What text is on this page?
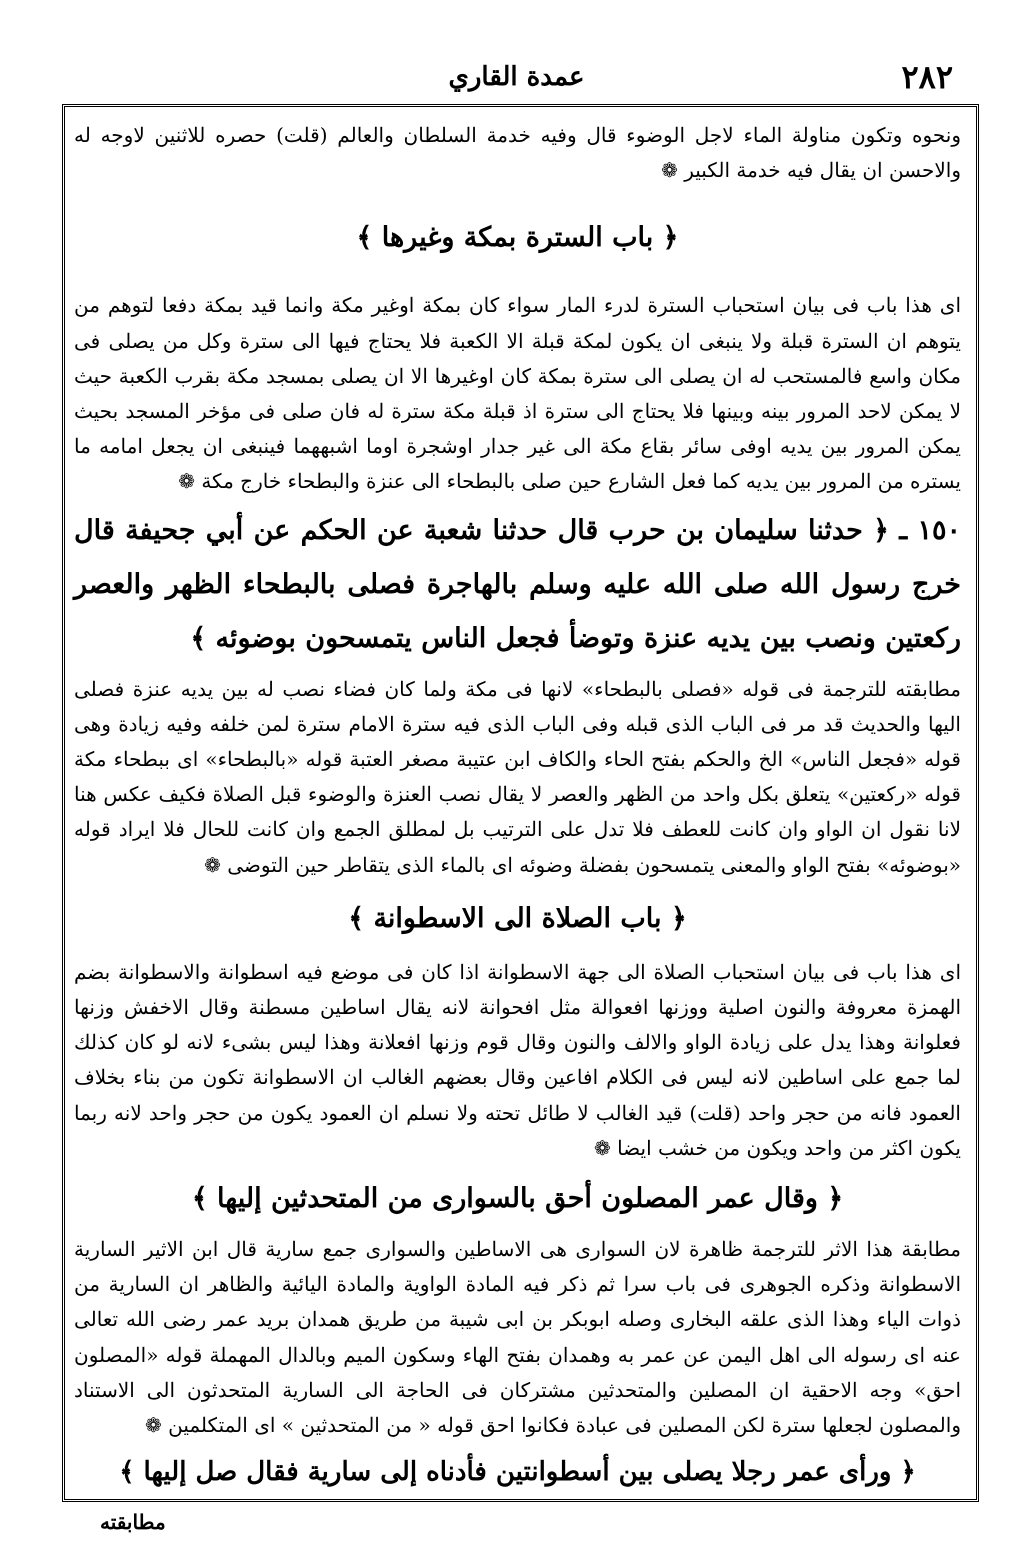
٢٨٢
عمدة القاري

ونحوه وتكون مناولة الماء لاجل الوضوء قال وفيه خدمة السلطان والعالم (قلت) حصره للاثنين لاوجه له والاحسن ان يقال فيه خدمة الكبير ❁

﴿ باب السترة بمكة وغيرها ﴾

اى هذا باب فى بيان استحباب السترة لدرء المار سواء كان بمكة اوغير مكة وانما قيد بمكة دفعا لتوهم من يتوهم ان السترة قبلة ولا ينبغى ان يكون لمكة قبلة الا الكعبة فلا يحتاج فيها الى سترة وكل من يصلى فى مكان واسع فالمستحب له ان يصلى الى سترة بمكة كان اوغيرها الا ان يصلى بمسجد مكة بقرب الكعبة حيث لا يمكن لاحد المرور بينه وبينها فلا يحتاج الى سترة اذ قبلة مكة سترة له فان صلى فى مؤخر المسجد بحيث يمكن المرور بين يديه اوفى سائر بقاع مكة الى غير جدار اوشجرة اوما اشبههما فينبغى ان يجعل امامه ما يستره من المرور بين يديه كما فعل الشارع حين صلى بالبطحاء الى عنزة والبطحاء خارج مكة ❁

١٥٠ ـ ﴿ حدثنا سليمان بن حرب قال حدثنا شعبة عن الحكم عن أبي جحيفة قال خرج رسول الله صلى الله عليه وسلم بالهاجرة فصلى بالبطحاء الظهر والعصر ركعتين ونصب بين يديه عنزة وتوضأ فجعل الناس يتمسحون بوضوئه ﴾

مطابقته للترجمة فى قوله «فصلى بالبطحاء» لانها فى مكة ولما كان فضاء نصب له بين يديه عنزة فصلى اليها والحديث قد مر فى الباب الذى قبله وفى الباب الذى فيه سترة الامام سترة لمن خلفه وفيه زيادة وهى قوله «فجعل الناس» الخ والحكم بفتح الحاء والكاف ابن عتيبة مصغر العتبة قوله «بالبطحاء» اى ببطحاء مكة قوله «ركعتين» يتعلق بكل واحد من الظهر والعصر لا يقال نصب العنزة والوضوء قبل الصلاة فكيف عكس هنا لانا نقول ان الواو وان كانت للعطف فلا تدل على الترتيب بل لمطلق الجمع وان كانت للحال فلا ايراد قوله «بوضوئه» بفتح الواو والمعنى يتمسحون بفضلة وضوئه اى بالماء الذى يتقاطر حين التوضى ❁

﴿ باب الصلاة الى الاسطوانة ﴾

اى هذا باب فى بيان استحباب الصلاة الى جهة الاسطوانة اذا كان فى موضع فيه اسطوانة والاسطوانة بضم الهمزة معروفة والنون اصلية ووزنها افعوالة مثل افحوانة لانه يقال اساطين مسطنة وقال الاخفش وزنها فعلوانة وهذا يدل على زيادة الواو والالف والنون وقال قوم وزنها افعلانة وهذا ليس بشىء لانه لو كان كذلك لما جمع على اساطين لانه ليس فى الكلام افاعين وقال بعضهم الغالب ان الاسطوانة تكون من بناء بخلاف العمود فانه من حجر واحد (قلت) قيد الغالب لا طائل تحته ولا نسلم ان العمود يكون من حجر واحد لانه ربما يكون اكثر من واحد ويكون من خشب ايضا ❁

﴿ وقال عمر المصلون أحق بالسوارى من المتحدثين إليها ﴾

مطابقة هذا الاثر للترجمة ظاهرة لان السوارى هى الاساطين والسوارى جمع سارية قال ابن الاثير السارية الاسطوانة وذكره الجوهرى فى باب سرا ثم ذكر فيه المادة الواوية والمادة اليائية والظاهر ان السارية من ذوات الياء وهذا الذى علقه البخارى وصله ابوبكر بن ابى شيبة من طريق همدان بريد عمر رضى الله تعالى عنه اى رسوله الى اهل اليمن عن عمر به وهمدان بفتح الهاء وسكون الميم وبالدال المهملة قوله «المصلون احق» وجه الاحقية ان المصلين والمتحدثين مشتركان فى الحاجة الى السارية المتحدثون الى الاستناد والمصلون لجعلها سترة لكن المصلين فى عبادة فكانوا احق قوله « من المتحدثين » اى المتكلمين ❁

﴿ ورأى عمر رجلا يصلى بين أسطوانتين فأدناه إلى سارية فقال صل إليها ﴾

مطابقته
